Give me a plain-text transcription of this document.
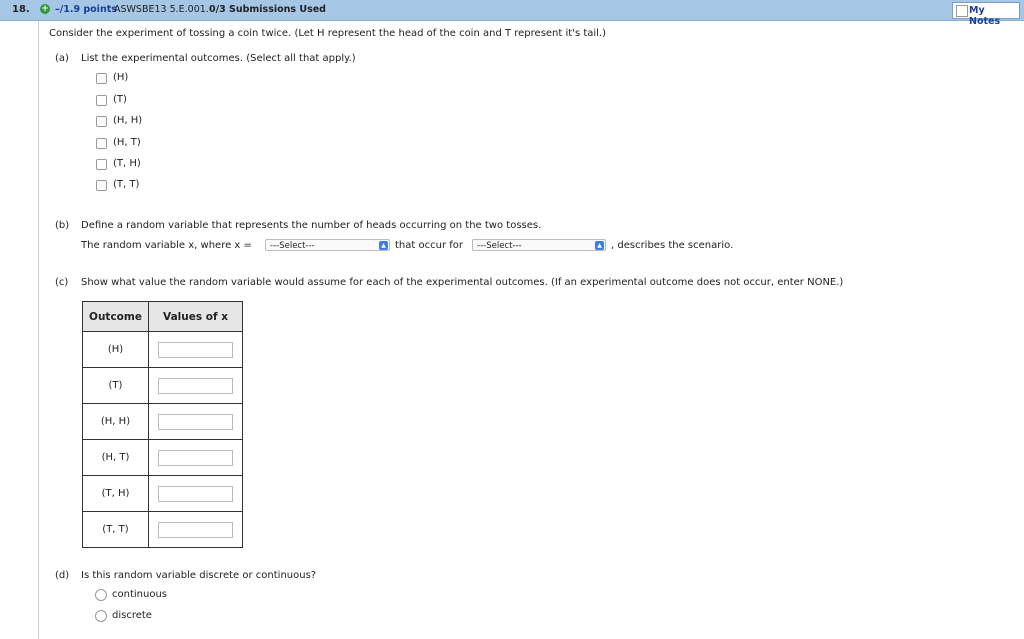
18. + –/1.9 points
ASWSBE13 5.E.001. 0/3 Submissions Used	My Notes
Consider the experiment of tossing a coin twice. (Let H represent the head of the coin and T represent it's tail.)
(a) List the experimental outcomes. (Select all that apply.)
(H)
(T)
(H, H)
(H, T)
(T, H)
(T, T)
(b) Define a random variable that represents the number of heads occurring on the two tosses.
The random variable x, where x =	---Select---	▲ that occur for	---Select---	▲ , describes the scenario.
(c) Show what value the random variable would assume for each of the experimental outcomes. (If an experimental outcome does not occur, enter NONE.)
Outcome	Values of x
(H)	
(T)	
(H, H)	
(H, T)	
(T, H)	
(T, T)	
(d) Is this random variable discrete or continuous?
continuous
discrete
